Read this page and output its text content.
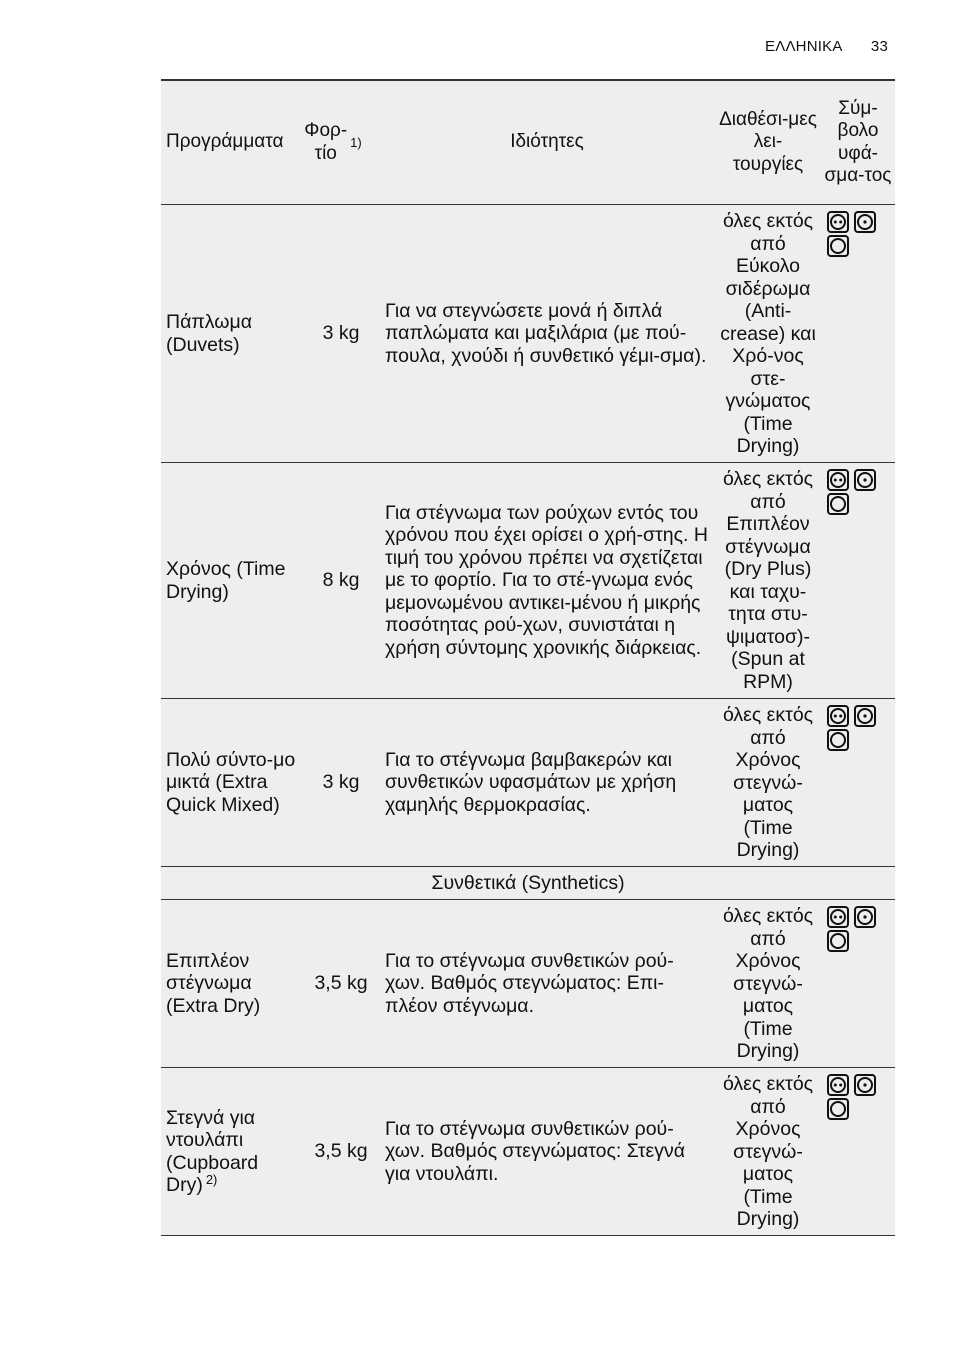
ΕΛΛΗΝΙΚΑ 33
Προγράμματα
Φορ-τίο
1)	Ιδιότητες
Διαθέσι-μες λει-τουργίες
Σύμ-βολο υφά-σμα-τος
Πάπλωμα (Duvets)
3 kg
Για να στεγνώσετε μονά ή διπλά παπλώματα και μαξιλάρια (με πού-πουλα, χνούδι ή συνθετικό γέμι-σμα).
όλες εκτός από Εύκολο σιδέρωμα (Anti-crease) και Χρό-νος στε-γνώματος (Time Drying)
Χρόνος (Time Drying)
8 kg
Για στέγνωμα των ρούχων εντός του χρόνου που έχει ορίσει ο χρή-στης. Η τιμή του χρόνου πρέπει να σχετίζεται με το φορτίο. Για το στέ-γνωμα ενός μεμονωμένου αντικει-μένου ή μικρής ποσότητας ρού-χων, συνιστάται η χρήση σύντομης χρονικής διάρκειας.
όλες εκτός από Επιπλέον στέγνωμα (Dry Plus) και ταχυ-τητα στυ-ψιματοσ)-(Spun at RPM)
Πολύ σύντο-μο μικτά (Extra Quick Mixed)
3 kg
Για το στέγνωμα βαμβακερών και συνθετικών υφασμάτων με χρήση χαμηλής θερμοκρασίας.
όλες εκτός από Χρόνος στεγνώ-ματος (Time Drying)
Συνθετικά (Synthetics)
Επιπλέον στέγνωμα (Extra Dry)
3,5 kg
Για το στέγνωμα συνθετικών ρού-χων. Βαθμός στεγνώματος: Επι-πλέον στέγνωμα.
όλες εκτός από Χρόνος στεγνώ-ματος (Time Drying)
Στεγνά για ντουλάπι (Cupboard Dry) $^{2)}$
3,5 kg
Για το στέγνωμα συνθετικών ρού-χων. Βαθμός στεγνώματος: Στεγνά για ντουλάπι.
όλες εκτός από Χρόνος στεγνώ-ματος (Time Drying)
